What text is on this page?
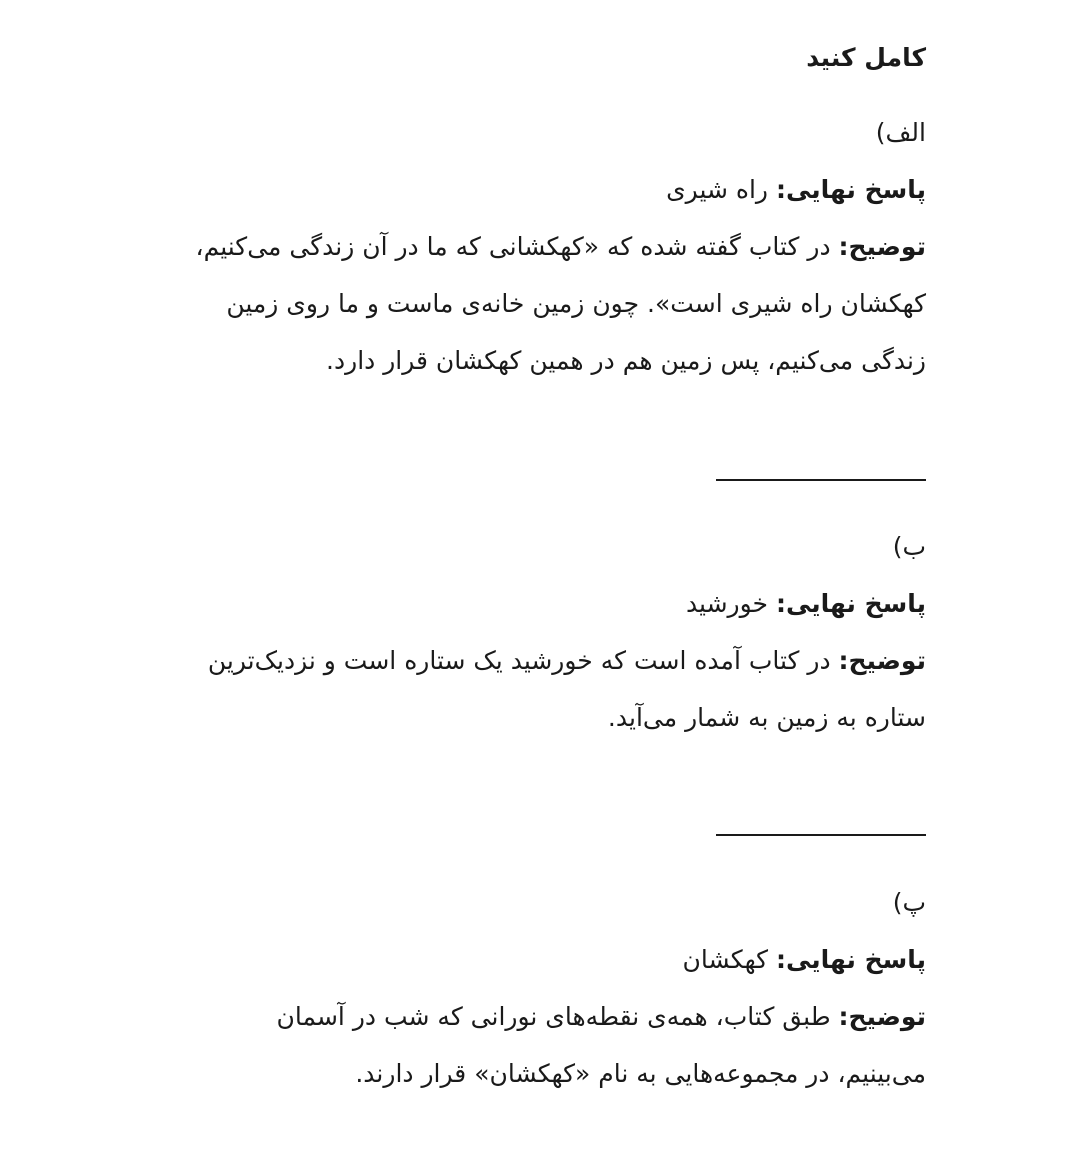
کامل کنید

الف)

پاسخ نهایی: راه شیری

توضیح: در کتاب گفته شده که «کهکشانی که ما در آن زندگی می‌کنیم، کهکشان راه شیری است». چون زمین خانه‌ی ماست و ما روی زمین زندگی می‌کنیم، پس زمین هم در همین کهکشان قرار دارد.

ب)

پاسخ نهایی: خورشید

توضیح: در کتاب آمده است که خورشید یک ستاره است و نزدیک‌ترین ستاره به زمین به شمار می‌آید.

پ)

پاسخ نهایی: کهکشان

توضیح: طبق کتاب، همه‌ی نقطه‌های نورانی که شب در آسمان می‌بینیم، در مجموعه‌هایی به نام «کهکشان» قرار دارند.
